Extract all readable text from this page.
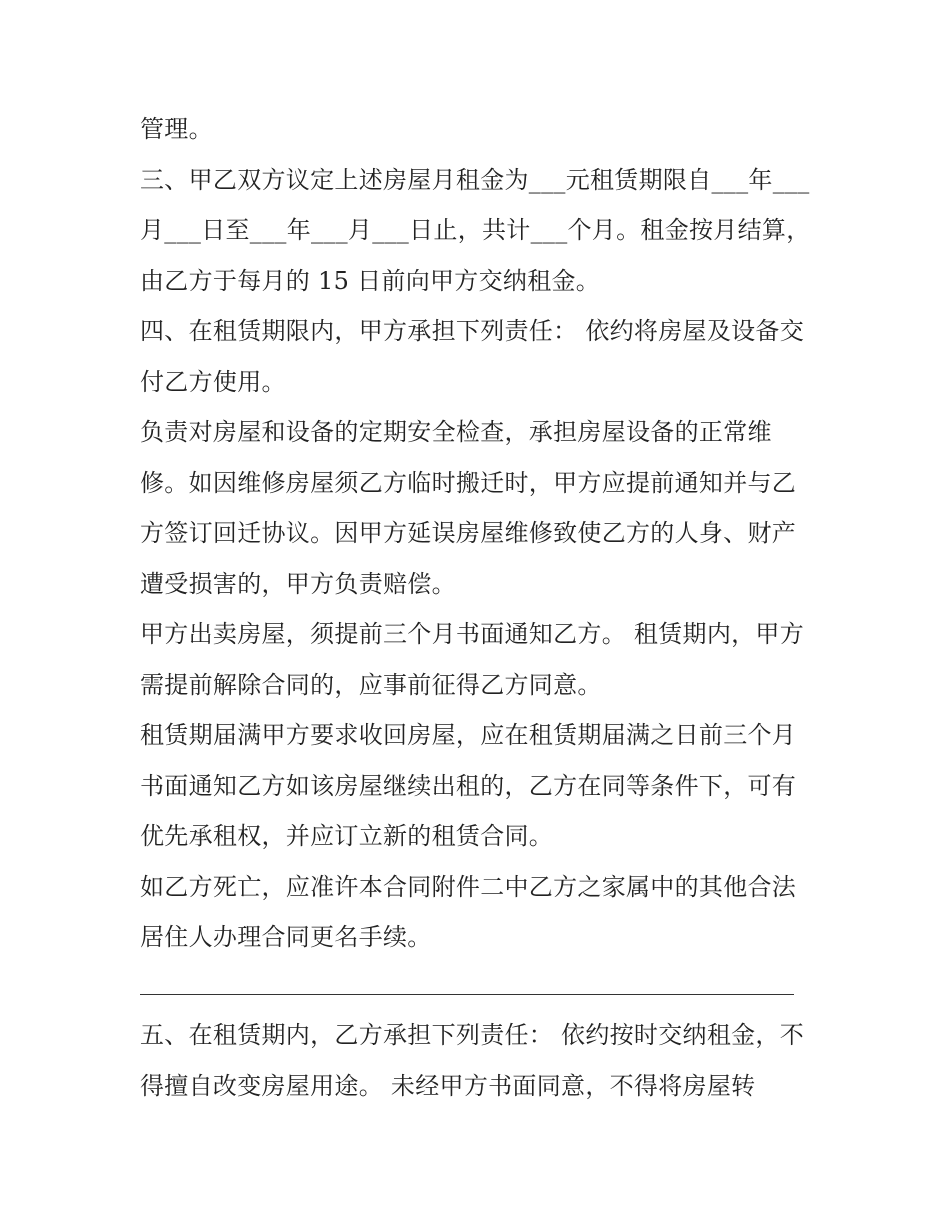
管理。

三、甲乙双方议定上述房屋月租金为___元租赁期限自___年___月___日至___年___月___日止，共计___个月。租金按月结算，由乙方于每月的 15 日前向甲方交纳租金。

四、在租赁期限内，甲方承担下列责任： 依约将房屋及设备交付乙方使用。

负责对房屋和设备的定期安全检查，承担房屋设备的正常维修。如因维修房屋须乙方临时搬迁时，甲方应提前通知并与乙方签订回迁协议。因甲方延误房屋维修致使乙方的人身、财产遭受损害的，甲方负责赔偿。

甲方出卖房屋，须提前三个月书面通知乙方。 租赁期内，甲方需提前解除合同的，应事前征得乙方同意。

租赁期届满甲方要求收回房屋，应在租赁期届满之日前三个月书面通知乙方如该房屋继续出租的，乙方在同等条件下，可有优先承租权，并应订立新的租赁合同。

如乙方死亡，应准许本合同附件二中乙方之家属中的其他合法居住人办理合同更名手续。

五、在租赁期内，乙方承担下列责任： 依约按时交纳租金，不得擅自改变房屋用途。 未经甲方书面同意，不得将房屋转
